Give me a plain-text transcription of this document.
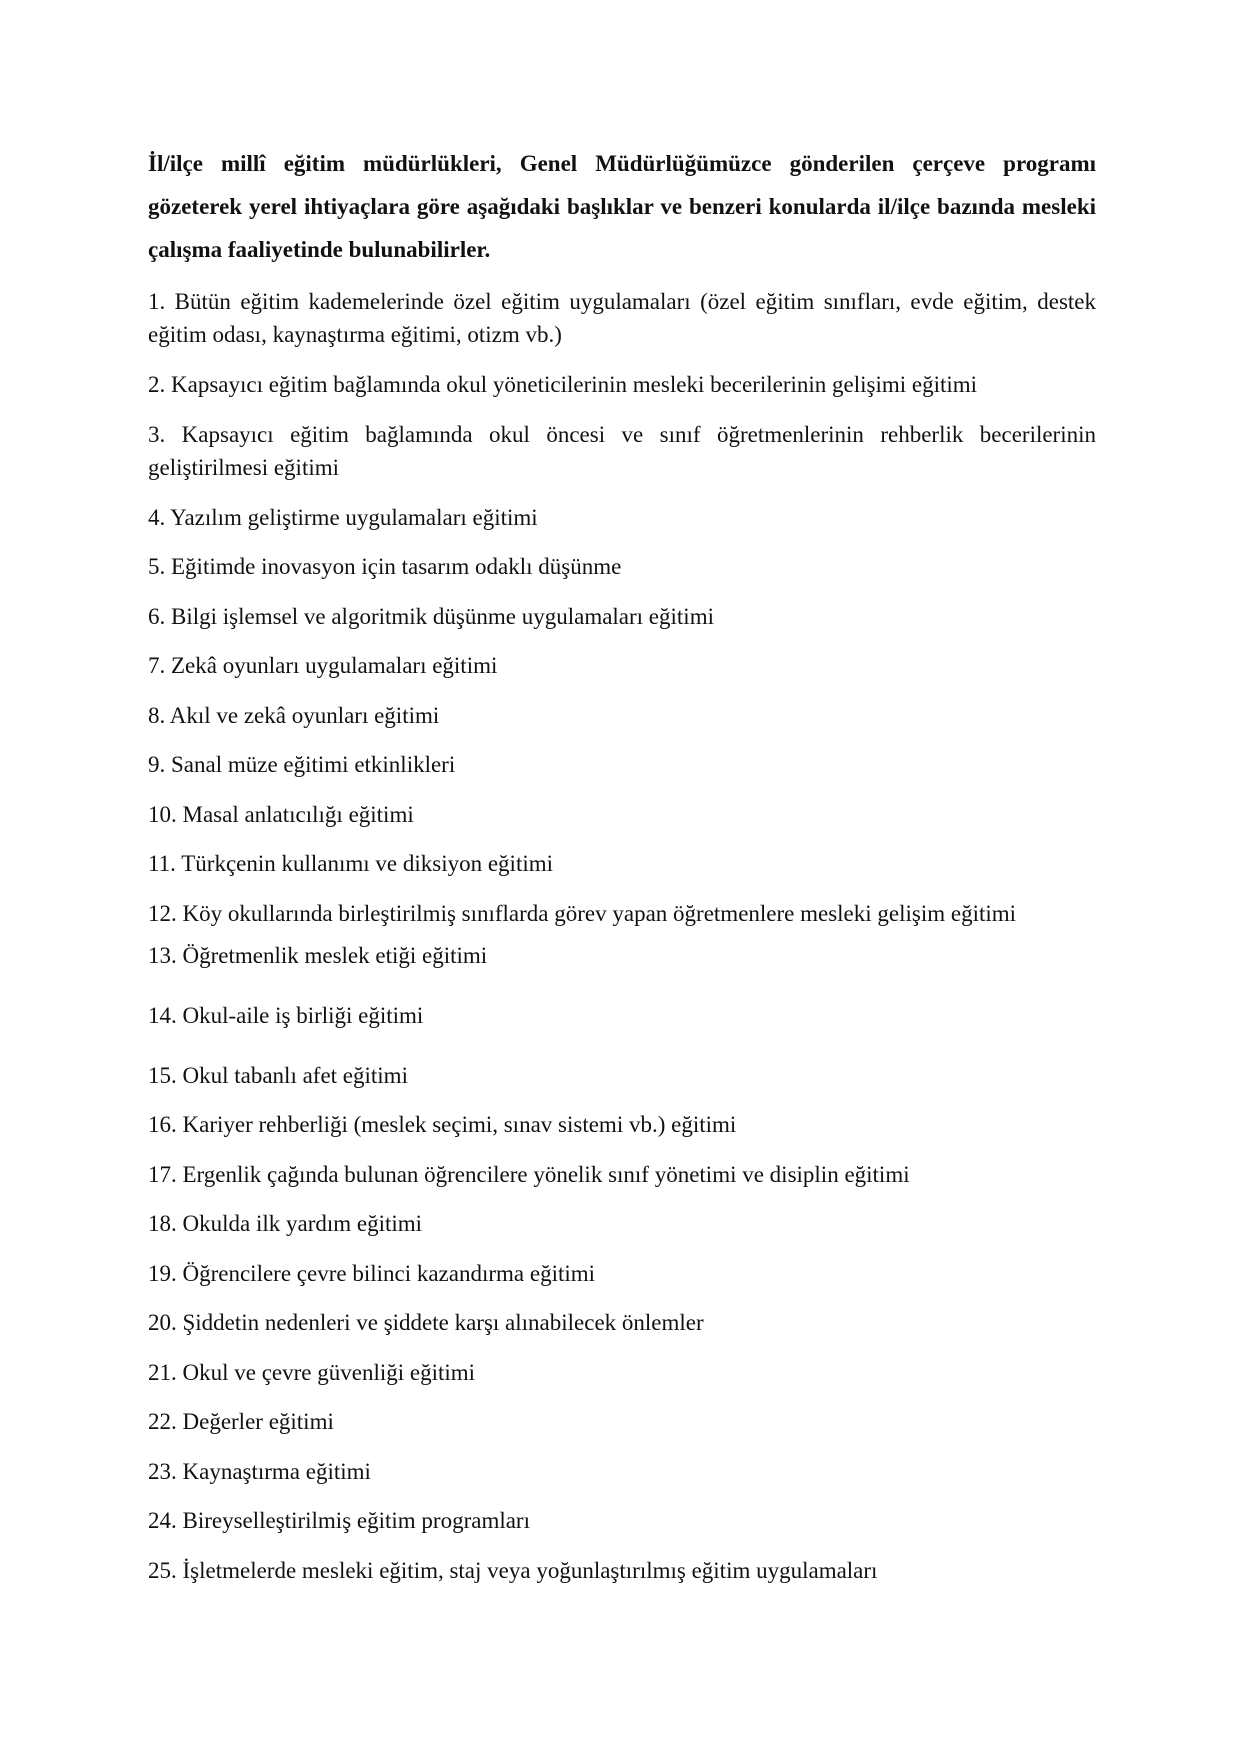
İl/ilçe millî eğitim müdürlükleri, Genel Müdürlüğümüzce gönderilen çerçeve programı gözeterek yerel ihtiyaçlara göre aşağıdaki başlıklar ve benzeri konularda il/ilçe bazında mesleki çalışma faaliyetinde bulunabilirler.

1. Bütün eğitim kademelerinde özel eğitim uygulamaları (özel eğitim sınıfları, evde eğitim, destek eğitim odası, kaynaştırma eğitimi, otizm vb.)
2. Kapsayıcı eğitim bağlamında okul yöneticilerinin mesleki becerilerinin gelişimi eğitimi
3. Kapsayıcı eğitim bağlamında okul öncesi ve sınıf öğretmenlerinin rehberlik becerilerinin geliştirilmesi eğitimi
4. Yazılım geliştirme uygulamaları eğitimi
5. Eğitimde inovasyon için tasarım odaklı düşünme
6. Bilgi işlemsel ve algoritmik düşünme uygulamaları eğitimi
7. Zekâ oyunları uygulamaları eğitimi
8. Akıl ve zekâ oyunları eğitimi
9. Sanal müze eğitimi etkinlikleri
10. Masal anlatıcılığı eğitimi
11. Türkçenin kullanımı ve diksiyon eğitimi
12. Köy okullarında birleştirilmiş sınıflarda görev yapan öğretmenlere mesleki gelişim eğitimi
13. Öğretmenlik meslek etiği eğitimi
14. Okul-aile iş birliği eğitimi
15. Okul tabanlı afet eğitimi
16. Kariyer rehberliği (meslek seçimi, sınav sistemi vb.) eğitimi
17. Ergenlik çağında bulunan öğrencilere yönelik sınıf yönetimi ve disiplin eğitimi
18. Okulda ilk yardım eğitimi
19. Öğrencilere çevre bilinci kazandırma eğitimi
20. Şiddetin nedenleri ve şiddete karşı alınabilecek önlemler
21. Okul ve çevre güvenliği eğitimi
22. Değerler eğitimi
23. Kaynaştırma eğitimi
24. Bireyselleştirilmiş eğitim programları
25. İşletmelerde mesleki eğitim, staj veya yoğunlaştırılmış eğitim uygulamaları
